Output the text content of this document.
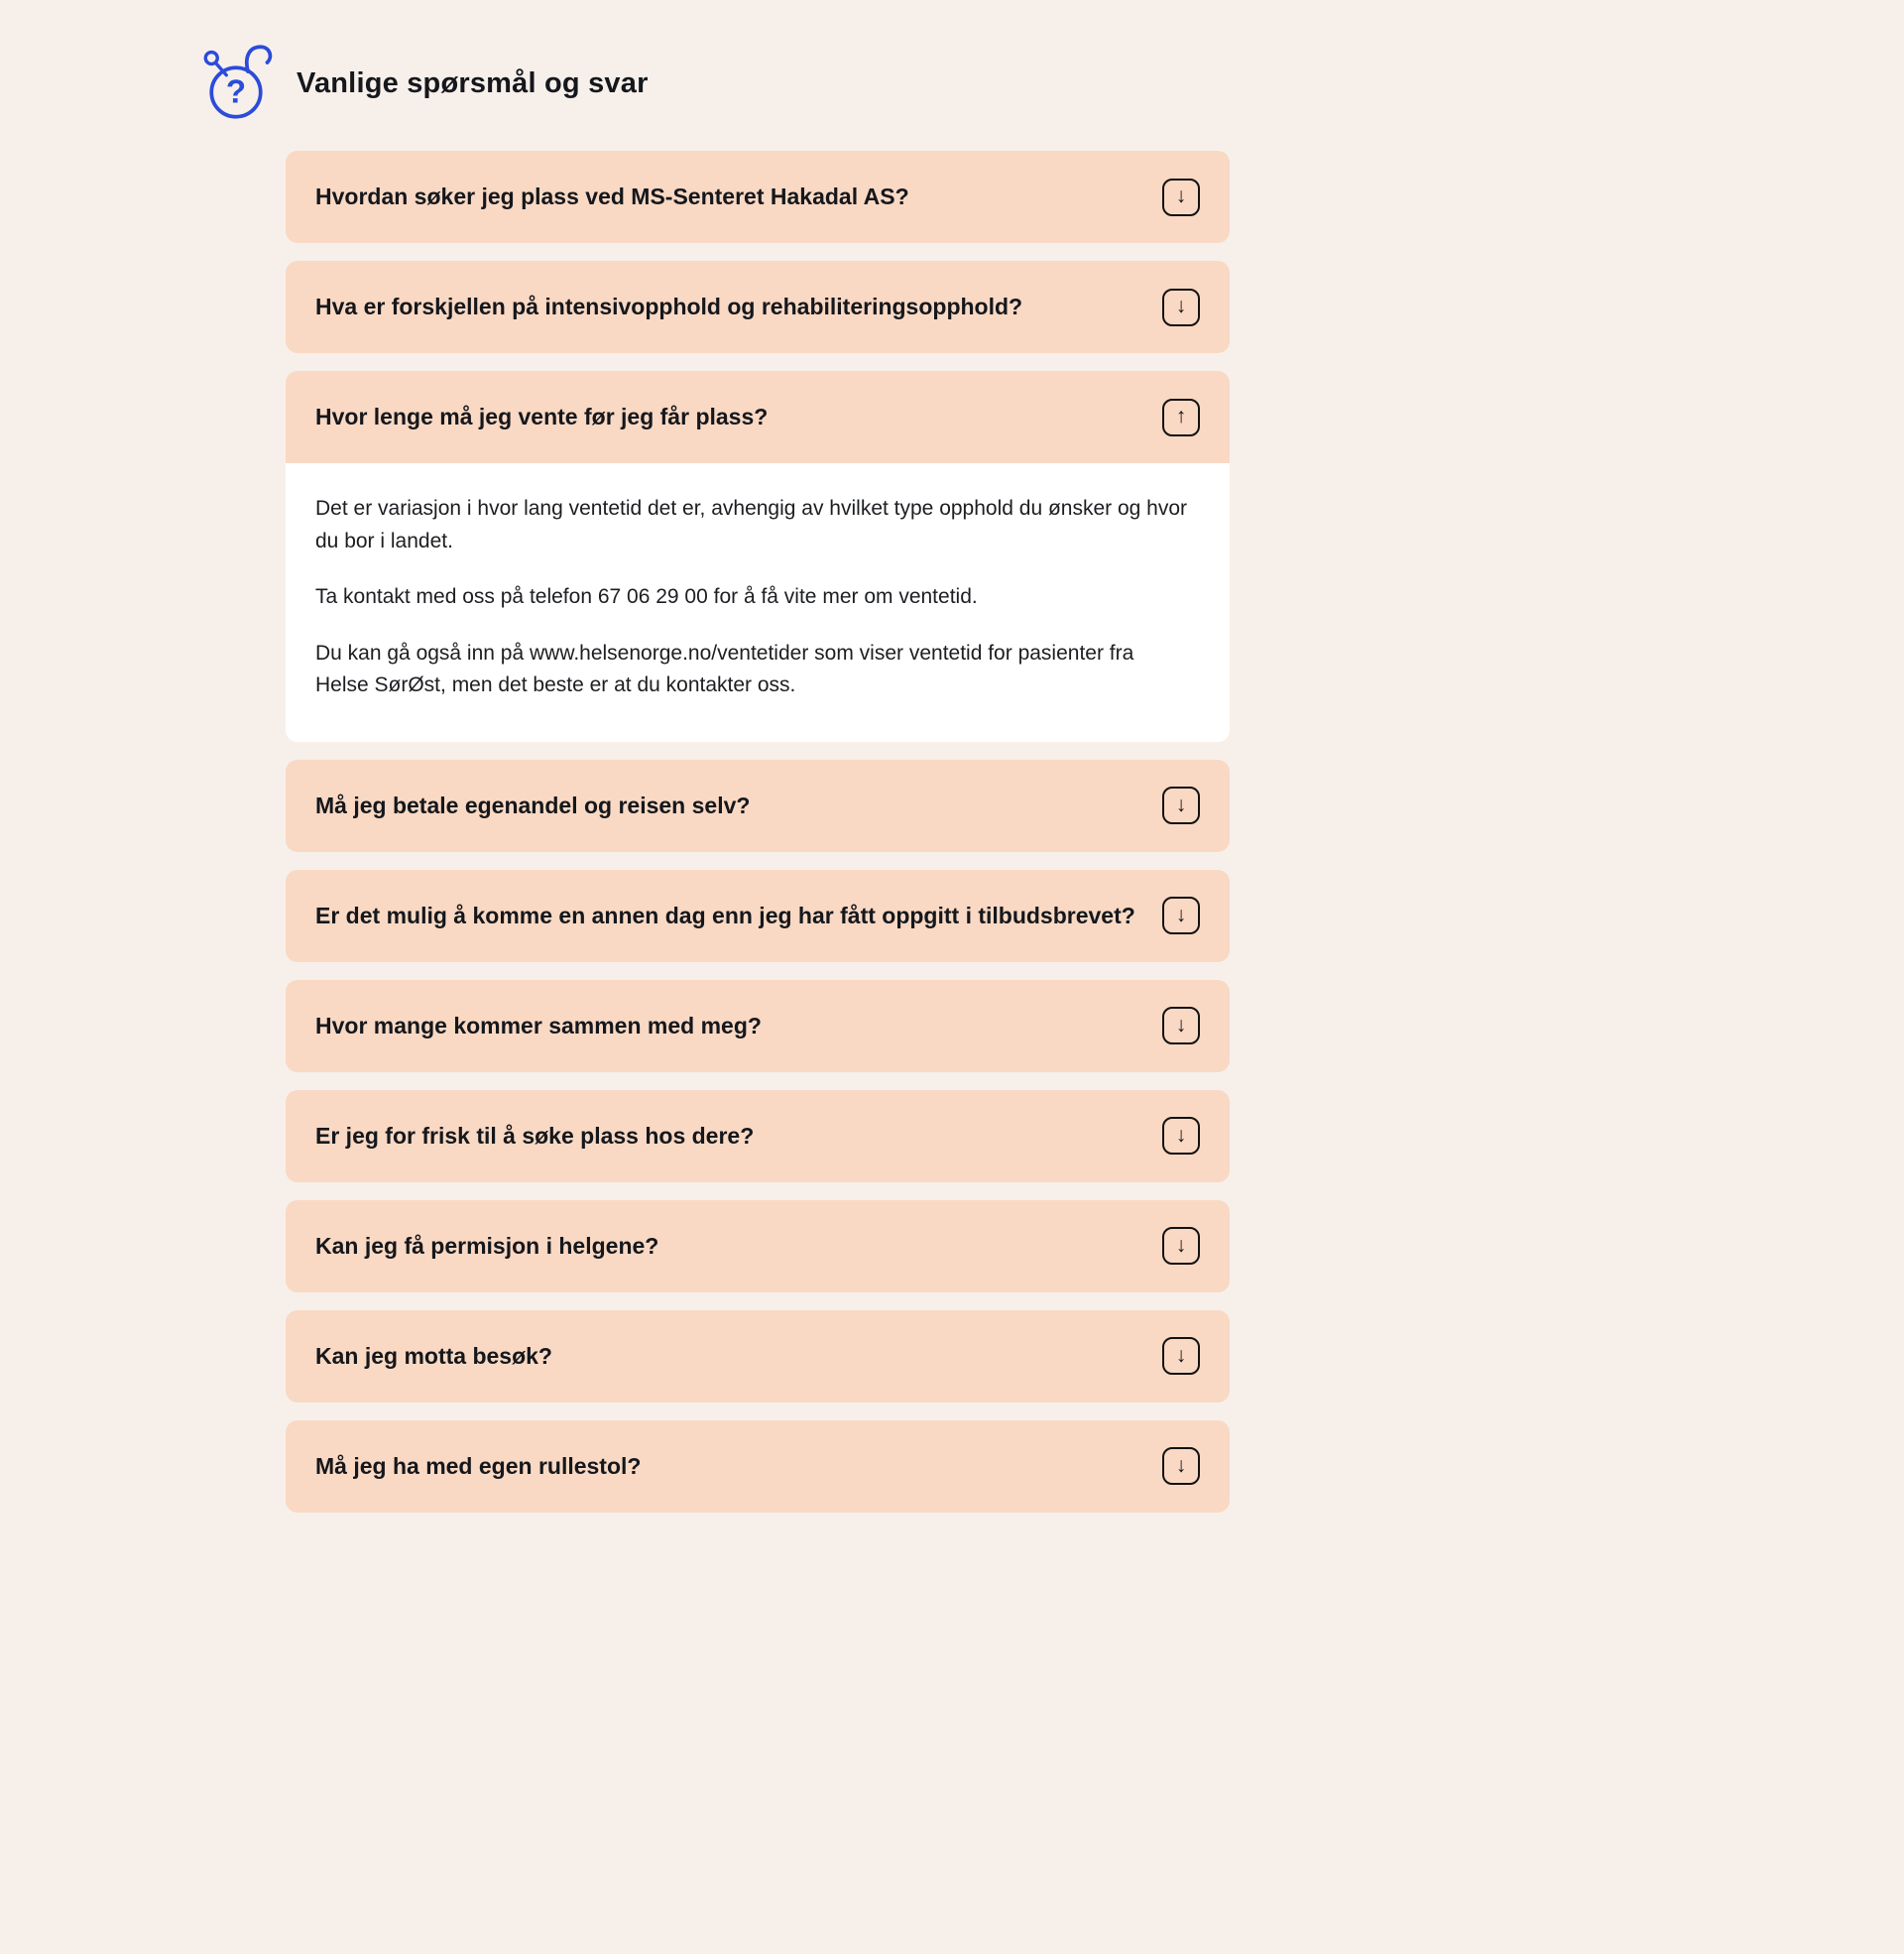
? Vanlige spørsmål og svar
Hvordan søker jeg plass ved MS-Senteret Hakadal AS?	↓
Hva er forskjellen på intensivopphold og rehabiliteringsopphold?	↓
Hvor lenge må jeg vente før jeg får plass?	↑

Det er variasjon i hvor lang ventetid det er, avhengig av hvilket type opphold du ønsker og hvor du bor i landet.

Ta kontakt med oss på telefon 67 06 29 00 for å få vite mer om ventetid.

Du kan gå også inn på www.helsenorge.no/ventetider som viser ventetid for pasienter fra Helse SørØst, men det beste er at du kontakter oss.

Må jeg betale egenandel og reisen selv?	↓
Er det mulig å komme en annen dag enn jeg har fått oppgitt i tilbudsbrevet? ↓
Hvor mange kommer sammen med meg?	↓
Er jeg for frisk til å søke plass hos dere?	↓
Kan jeg få permisjon i helgene?	↓
Kan jeg motta besøk?	↓
Må jeg ha med egen rullestol?	↓
